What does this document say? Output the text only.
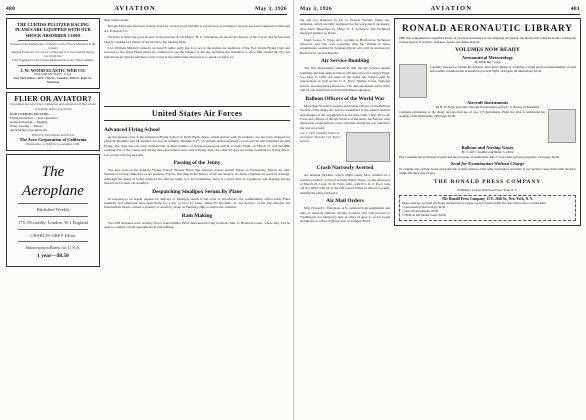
480	AVIATION	May 3, 1926
THE CURTISS PULITZER RACING PLANES ARE EQUIPPED WITH OUR SHOCK ABSORBER CORD
Pioneers in the Manufacture of Shock Cord for Shock Absorbers in the Country
Regular Producers of Cord for Curtiss and U. S. Government during the World War
Fully Equipped for the Largest Requirements at any Time Complete
J. W. WOOD ELASTIC WEB CO.
STOUGHTON, MASS., U.S.A.
New York Office—40 E. 17th St.; Canada—2020 St. Peter St., Montreal
FLIER OR AVIATOR?
Investigate the experience, reputation and equipment of that school of aviation before you enroll!
OUR COURSES INCLUDE—
Flying instruction — Solo experience
Aerial navigation — Rigging
Wing covering — Theory
All branches of ground work
Write For Full Details and Prices
The Aero Corporation of California
Western Ave. at 104th St. Los Angeles, Calif.
The Aeroplane
Published Weekly
175, Piccadilly, London, W.1 England
CHARLES GREY Editor
Subscription Rates for U.S.A.
1 year—$8.50
their winter home.
Brooks Field also has been closing down for several years and this is a great loss, according to reports, has been equipped to National Air Transport Co.
We have at least one good booster in the persons of our Mayor, H. C. Wiesthaus, he quotes the history of the S.A.A. and he has been largely considered a matter of the Worth to her landing field.
Col. William Mitchell came in on April 8 rather early but is to act at the station for members of the Fort Worth Flying Club and escorted to the Texas Hotel where he conferred to see the balance of the day declining the invitation to show him around the city. All indications are that he will have a big crowd at the auditorium where he is to speak on April 14.
United States Air Forces
Advanced Flying School
At the present class at the Advanced Flying School of Kelly Field, Texas, which started with 50 students, one has been dropped for physical disability and 34 students are now in training. On March 27, 35 students had progressed to solo and 20 still remained on dual flying. The class has run even satisfactorily in their number of flying hours upon arrival at Kelly Field, on March 31 was the 28th working day of the course and during that period there were only 9 flying days, the other 20 days not being available for flying due to low clouds with fog and rain.
Passing of the Jenny
The new class at the Primary Flying School, Brooks Field, San Antonio, Texas, started flying on Wednesday, March 24, with instructors having either five or six students. For the first time in the history of the Air Service, no Jenny airplanes are used for training. Although the Jenny is being replaced the famous Jenny is a good machine, there is a great deal of worthiness and keeping among instructors for their old standbys.
Despatching Smallpox Serum By Plane
In response to an urgent request for delivery of smallpox serum to the town of Woodsboro, the commanding officer Kelly Field promptly and otherwise have been made for a day or two, Lt. Lieut. James H. Doolittle, Jr., Air Service, of the San Antonio Air Intermediate Depot, carried a quantity of serum by plane on February 26th to relieve the situation.
Rain Making
Two DH airplanes were recently flown from Phillips Field, Aberdeen Proving Grounds, Md., to Hartford, Conn., where they will be used to conduct certain experiments in rain making.
May 3, 1926	AVIATION	481
ing and fog dispersal by Dr. L. Francis Warren. These two airplanes, which are fully equipped for the work and if necessary, have been dispatched by Major R. L. Lebenow and Technical Sergeant Samuel A. Davis.
Lieut. Lester S. Trice, A.S., on duty at Hartford as Technical Observer and who will cooperate with Dr. Warren in these experiments, assisted by Sergeant Davis, who will be stationed at Hartford for several months.
Air Service Bombing
The War Department announces that the Air Service annual bombing and fuel demonstration will take place at Langley Field, Va., May 4, 1926. All units of the Army Air Service will be represented, as well as the U. S. Navy, Marine Corps, National Guard, and Organized Reserves. The announcement states there will be one team from each bombardment squadron.
Balloon Officers of the World War
More than 50 active, reserve and former officers of the Balloon Section of the Army Air Service assembled at the annual reunion and banquet of the organization in the Yale Club. Lieut. W. G. R. Ford, and officers of the Air Service of the Army Air Service with discussion of the balloon corps activities during the war and since the war were held.
Col. C. DeF. Chandler, Editor of the Lighter-Than-Air, Col. Taylor Saleson.
Crash Narrowly Averted
An unusual incident, which might easily have resulted in a serious accident, occurred at Kelly Field, Texas, on the afternoon of March 25. Lieut. N. D. Frost, pilot, with Pvt. O. T. Pool, took off in a DH.4 with all of the 200 pound ballast in the rear cockpit, making the plane tail heavy.
Air Mail Orders
Maj. Howard C. Davidson, A.S., relieved from assignment and duty as assistant military attaché, London, and will proceed to Washington, for temporary duty in office of Asst. C. of Air Corps and thence to office of Major duty at Langley Field.
RONALD AERONAUTIC LIBRARY
THE first comprehensive organized library of practical aeronautics in any language. In general, the library will comprise books covering the various aspects of aviation, airplanes, motors and lighter-than-air.
VOLUMES NOW READY
Aeronautical Meteorology
By Willis Ray Gregg
Carefully prepared to furnish the quickest, most direct means of acquiring a sound practical understanding of wind and weather conditions that is needed in practical flight. 144 pages, 96 illustrations, $2.50.
Aircraft Instruments
By H. N. Eaton and Other Special Technologists of the U. S. Bureau of Standards
Complete explanation of the theory and practical use of over 175 instruments. Helps the pilot to understand the readings of his instruments. 248 pages, $5.00.
Balloon and Airship Gases
By C. deF. Chandler and Walter S. Diehl
Part 1 explains the production of gases and the processes of purification. Part 2 covers their uses and properties. 212 pages, $4.00.
Send for Examination Without Charge
To examine any of these books check the title or titles desired on the order form below and mail. If you decide to keep them remit the price within five days after receipt.
THE RONALD PRESS COMPANY
Publishers 15 East 26th Street New York, N. Y.
The Ronald Press Company, 15 E. 26th St., New York, N. Y.
Please send me, postpaid, the books checked below. I agree to pay for them within five days after receipt or return them.
☐ Aeronautical Meteorology, $2.50
☐ Aircraft Instruments, $5.00
☐ Balloon and Airship Gases, $4.00
